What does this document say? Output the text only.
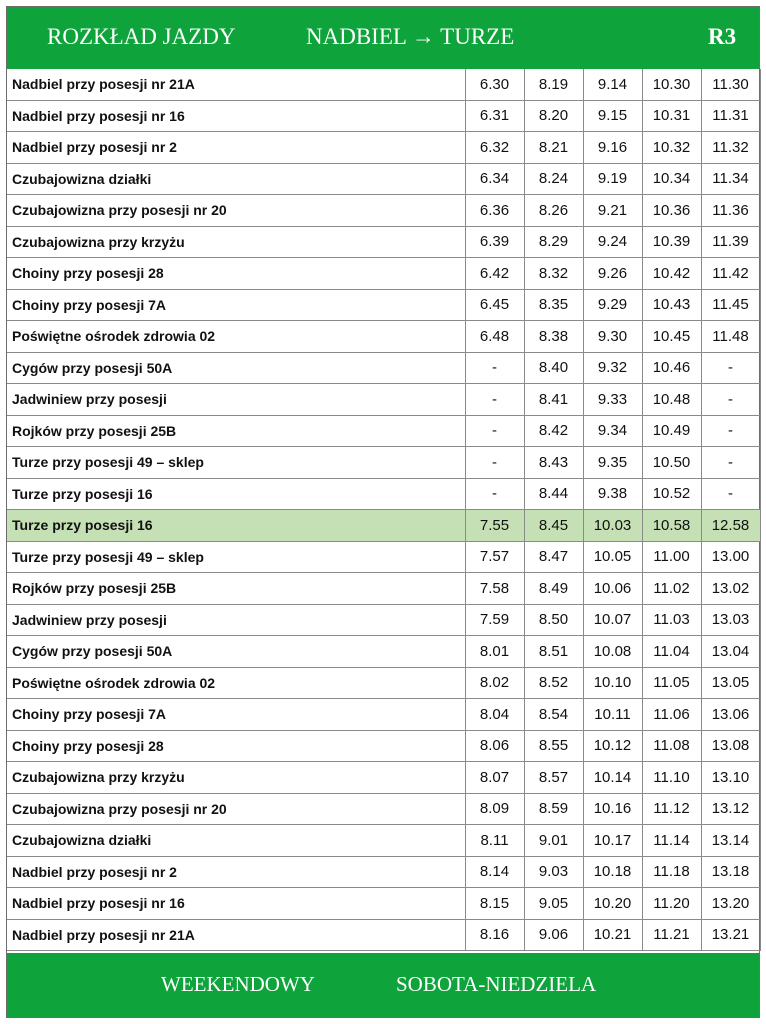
ROZKŁAD JAZDY	NADBIEL → TURZE	R3
Nadbiel przy posesji nr 21A	6.30	8.19	9.14	10.30	11.30
Nadbiel przy posesji nr 16	6.31	8.20	9.15	10.31	11.31
Nadbiel przy posesji nr 2	6.32	8.21	9.16	10.32	11.32
Czubajowizna działki	6.34	8.24	9.19	10.34	11.34
Czubajowizna przy posesji nr 20	6.36	8.26	9.21	10.36	11.36
Czubajowizna przy krzyżu	6.39	8.29	9.24	10.39	11.39
Choiny przy posesji 28	6.42	8.32	9.26	10.42	11.42
Choiny przy posesji 7A	6.45	8.35	9.29	10.43	11.45
Poświętne ośrodek zdrowia 02	6.48	8.38	9.30	10.45	11.48
Cygów przy posesji 50A	-	8.40	9.32	10.46	-
Jadwiniew przy posesji	-	8.41	9.33	10.48	-
Rojków przy posesji 25B	-	8.42	9.34	10.49	-
Turze przy posesji 49 – sklep	-	8.43	9.35	10.50	-
Turze przy posesji 16	-	8.44	9.38	10.52	-
Turze przy posesji 16	7.55	8.45	10.03	10.58	12.58
Turze przy posesji 49 – sklep	7.57	8.47	10.05	11.00	13.00
Rojków przy posesji 25B	7.58	8.49	10.06	11.02	13.02
Jadwiniew przy posesji	7.59	8.50	10.07	11.03	13.03
Cygów przy posesji 50A	8.01	8.51	10.08	11.04	13.04
Poświętne ośrodek zdrowia 02	8.02	8.52	10.10	11.05	13.05
Choiny przy posesji 7A	8.04	8.54	10.11	11.06	13.06
Choiny przy posesji 28	8.06	8.55	10.12	11.08	13.08
Czubajowizna przy krzyżu	8.07	8.57	10.14	11.10	13.10
Czubajowizna przy posesji nr 20	8.09	8.59	10.16	11.12	13.12
Czubajowizna działki	8.11	9.01	10.17	11.14	13.14
Nadbiel przy posesji nr 2	8.14	9.03	10.18	11.18	13.18
Nadbiel przy posesji nr 16	8.15	9.05	10.20	11.20	13.20
Nadbiel przy posesji nr 21A	8.16	9.06	10.21	11.21	13.21
WEEKENDOWY	SOBOTA-NIEDZIELA
